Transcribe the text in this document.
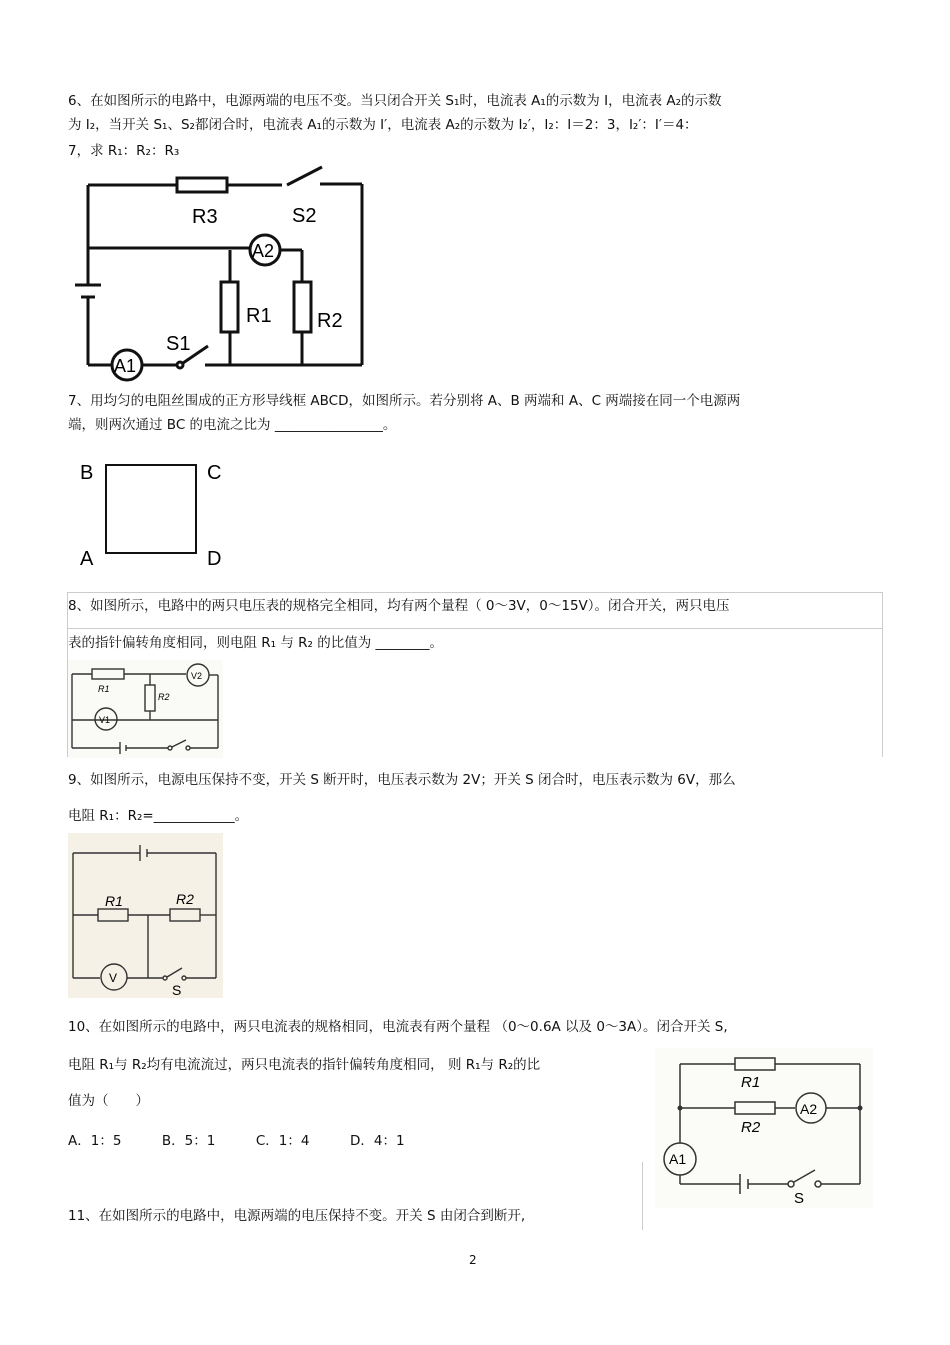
6、在如图所示的电路中，电源两端的电压不变。当只闭合开关 S₁时，电流表 A₁的示数为 I，电流表 A₂的示数
为 I₂，当开关 S₁、S₂都闭合时，电流表 A₁的示数为 I′，电流表 A₂的示数为 I₂′，I₂：I＝2：3，I₂′：I′＝4：
7，求 R₁：R₂：R₃
R3	S2
A2
R1 R2
S1
A1
7、用均匀的电阻丝围成的正方形导线框 ABCD，如图所示。若分别将 A、B 两端和 A、C 两端接在同一个电源两
端，则两次通过 BC 的电流之比为 ________________。
B	C
A	D
8、如图所示，电路中的两只电压表的规格完全相同，均有两个量程（ 0～3V，0～15V）。闭合开关，两只电压
表的指针偏转角度相同，则电阻 R₁ 与 R₂ 的比值为 ________。
R1
R2
V1
V2
9、如图所示，电源电压保持不变，开关 S 断开时，电压表示数为 2V；开关 S 闭合时，电压表示数为 6V，那么
电阻 R₁：R₂=____________。
R1	R2
V
S
10、在如图所示的电路中，两只电流表的规格相同，电流表有两个量程 （0～0.6A 以及 0～3A）。闭合开关 S,
电阻 R₁与 R₂均有电流流过，两只电流表的指针偏转角度相同， 则 R₁与 R₂的比
值为（　　）
A．1：5　　　B．5：1　　　C．1：4　　　D．4：1
R1
R2
A2
A1
S
11、在如图所示的电路中，电源两端的电压保持不变。开关 S 由闭合到断开,
2
